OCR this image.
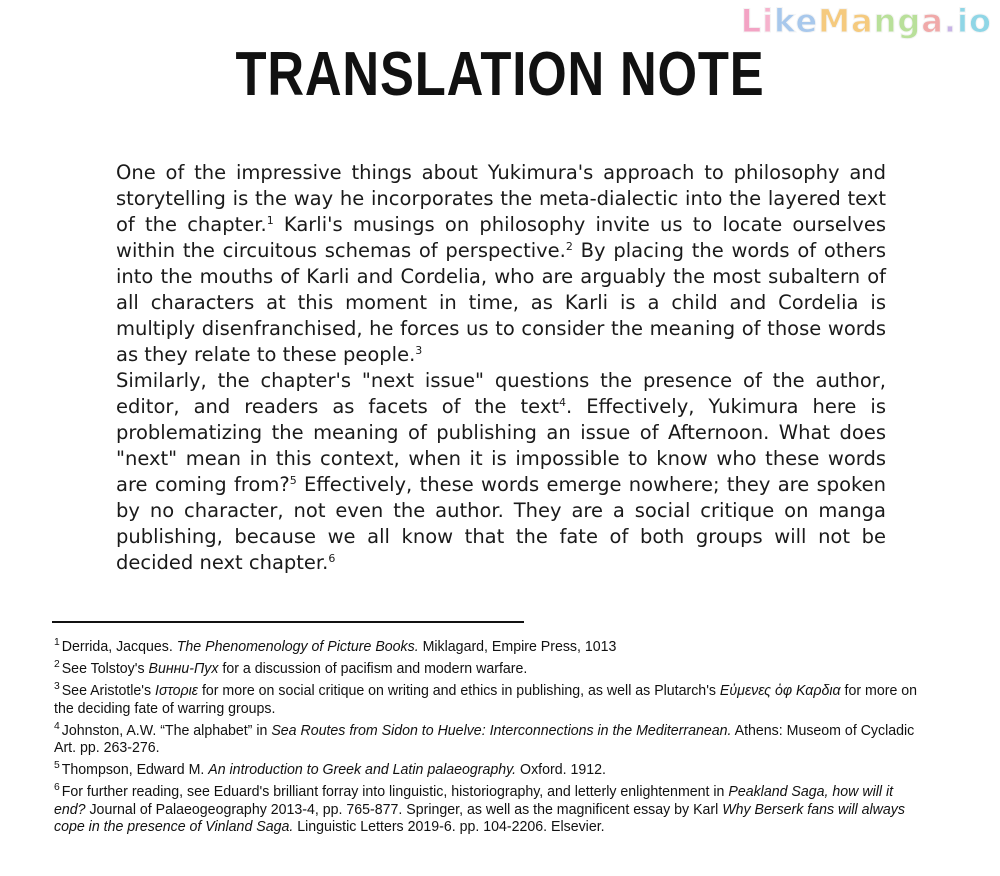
LikeManga.io
TRANSLATION NOTE

One of the impressive things about Yukimura's approach to philosophy and storytelling is the way he incorporates the meta-dialectic into the layered text of the chapter.$^1$ Karli's musings on philosophy invite us to locate ourselves within the circuitous schemas of perspective.$^2$ By placing the words of others into the mouths of Karli and Cordelia, who are arguably the most subaltern of all characters at this moment in time, as Karli is a child and Cordelia is multiply disenfranchised, he forces us to consider the meaning of those words as they relate to these people.$^3$

Similarly, the chapter's "next issue" questions the presence of the author, editor, and readers as facets of the text$^4$. Effectively, Yukimura here is problematizing the meaning of publishing an issue of Afternoon. What does "next" mean in this context, when it is impossible to know who these words are coming from?$^5$ Effectively, these words emerge nowhere; they are spoken by no character, not even the author. They are a social critique on manga publishing, because we all know that the fate of both groups will not be decided next chapter.$^6$

$^1$ Derrida, Jacques. The Phenomenology of Picture Books. Miklagard, Empire Press, 1013
$^2$ See Tolstoy's Винни-Пух for a discussion of pacifism and modern warfare.
$^3$ See Aristotle's Ιστοριε for more on social critique on writing and ethics in publishing, as well as Plutarch's Εὐμενες ὀφ Καρδια for more on the deciding fate of warring groups.
$^4$ Johnston, A.W. “The alphabet” in Sea Routes from Sidon to Huelve: Interconnections in the Mediterranean. Athens: Museom of Cycladic Art. pp. 263-276.
$^5$ Thompson, Edward M. An introduction to Greek and Latin palaeography. Oxford. 1912.
$^6$ For further reading, see Eduard's brilliant forray into linguistic, historiography, and letterly enlightenment in Peakland Saga, how will it end? Journal of Palaeogeography 2013-4, pp. 765-877. Springer, as well as the magnificent essay by Karl Why Berserk fans will always cope in the presence of Vinland Saga. Linguistic Letters 2019-6. pp. 104-2206. Elsevier.
